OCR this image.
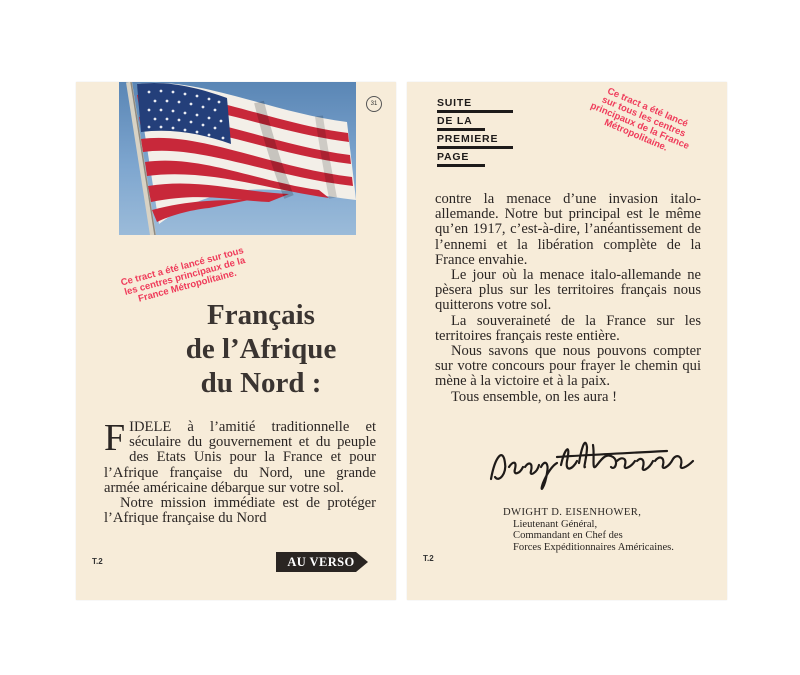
31
Ce tract a été lancé sur tous
les centres principaux de la
France Métropolitaine.
Français
de l’Afrique
du Nord :

FIDELE à l’amitié traditionnelle et séculaire du gouvernement et du peuple des Etats Unis pour la France et pour l’Afrique française du Nord, une grande armée américaine débarque sur votre sol.

Notre mission immédiate est de protéger l’Afrique française du Nord

T.2	AU VERSO
SUITE
DE LA
PREMIERE
PAGE
Ce tract a été lancé
sur tous les centres
principaux de la France
Métropolitaine.

contre la menace d’une invasion italo-allemande. Notre but principal est le même qu’en 1917, c’est-à-dire, l’anéantissement de l’ennemi et la libération complète de la France envahie.

Le jour où la menace italo-allemande ne pèsera plus sur les territoires français nous quitterons votre sol.

La souveraineté de la France sur les territoires français reste entière.

Nous savons que nous pouvons compter sur votre concours pour frayer le chemin qui mène à la victoire et à la paix.

Tous ensemble, on les aura !

DWIGHT D. EISENHOWER,
Lieutenant Général,
Commandant en Chef des
Forces Expéditionnaires Américaines.
T.2
